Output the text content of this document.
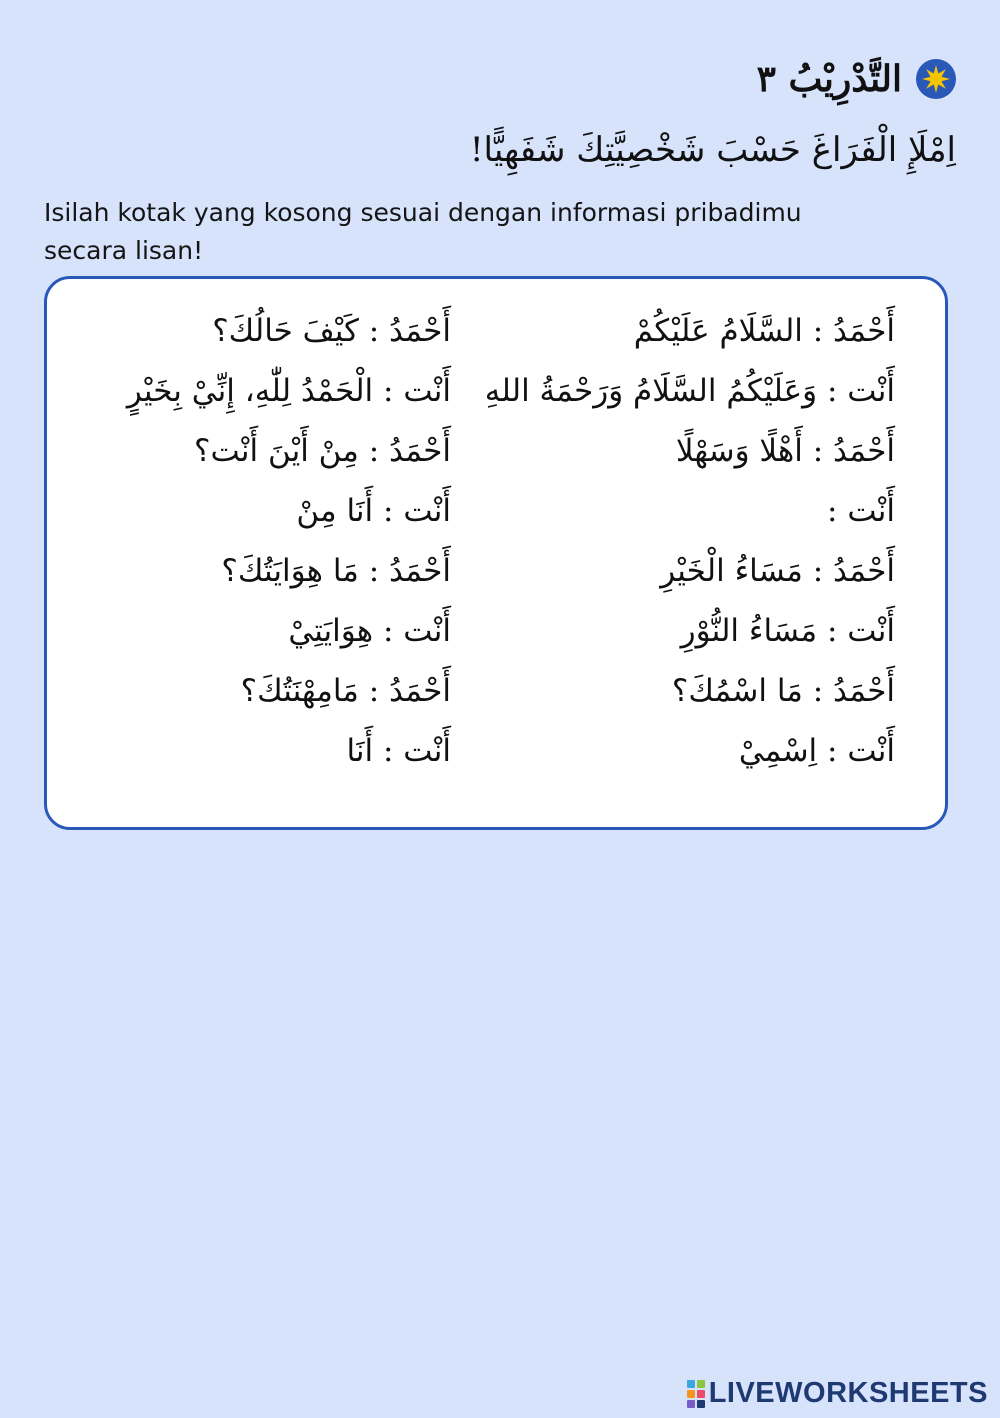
التَّدْرِيْبُ ٣
اِمْلَإِ الْفَرَاغَ حَسْبَ شَخْصِيَّتِكَ شَفَهِيًّا!
Isilah kotak yang kosong sesuai dengan informasi pribadimu secara lisan!
أَحْمَدُ : السَّلَامُ عَلَيْكُمْ
أَنْت : وَعَلَيْكُمُ السَّلَامُ وَرَحْمَةُ اللهِ
أَحْمَدُ : أَهْلًا وَسَهْلًا
أَنْت :
أَحْمَدُ : مَسَاءُ الْخَيْرِ
أَنْت : مَسَاءُ النُّوْرِ
أَحْمَدُ : مَا اسْمُكَ؟
أَنْت : اِسْمِيْ
أَحْمَدُ : كَيْفَ حَالُكَ؟
أَنْت : الْحَمْدُ لِلّٰهِ، إِنِّيْ بِخَيْرٍ
أَحْمَدُ : مِنْ أَيْنَ أَنْت؟
أَنْت : أَنَا مِنْ
أَحْمَدُ : مَا هِوَايَتُكَ؟
أَنْت : هِوَايَتِيْ
أَحْمَدُ : مَامِهْنَتُكَ؟
أَنْت : أَنَا
LIVEWORKSHEETS
